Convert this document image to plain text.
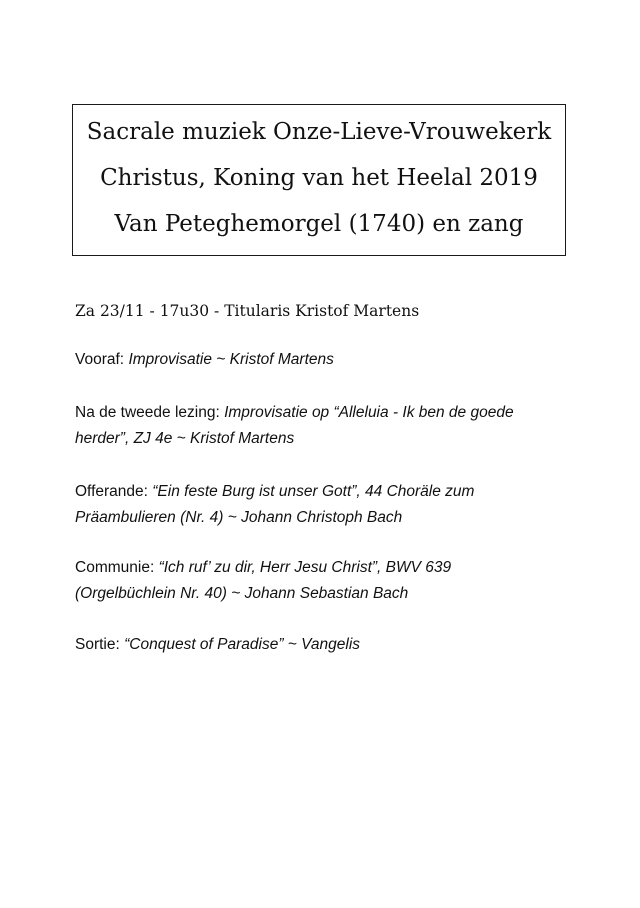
Sacrale muziek Onze-Lieve-Vrouwekerk
Christus, Koning van het Heelal 2019
Van Peteghemorgel (1740) en zang
Za 23/11 - 17u30 - Titularis Kristof Martens
Vooraf: Improvisatie ~ Kristof Martens
Na de tweede lezing: Improvisatie op “Alleluia - Ik ben de goede
herder”, ZJ 4e ~ Kristof Martens
Offerande: “Ein feste Burg ist unser Gott”, 44 Choräle zum
Präambulieren (Nr. 4) ~ Johann Christoph Bach
Communie: “Ich ruf’ zu dir, Herr Jesu Christ”, BWV 639
(Orgelbüchlein Nr. 40) ~ Johann Sebastian Bach
Sortie: “Conquest of Paradise” ~ Vangelis
